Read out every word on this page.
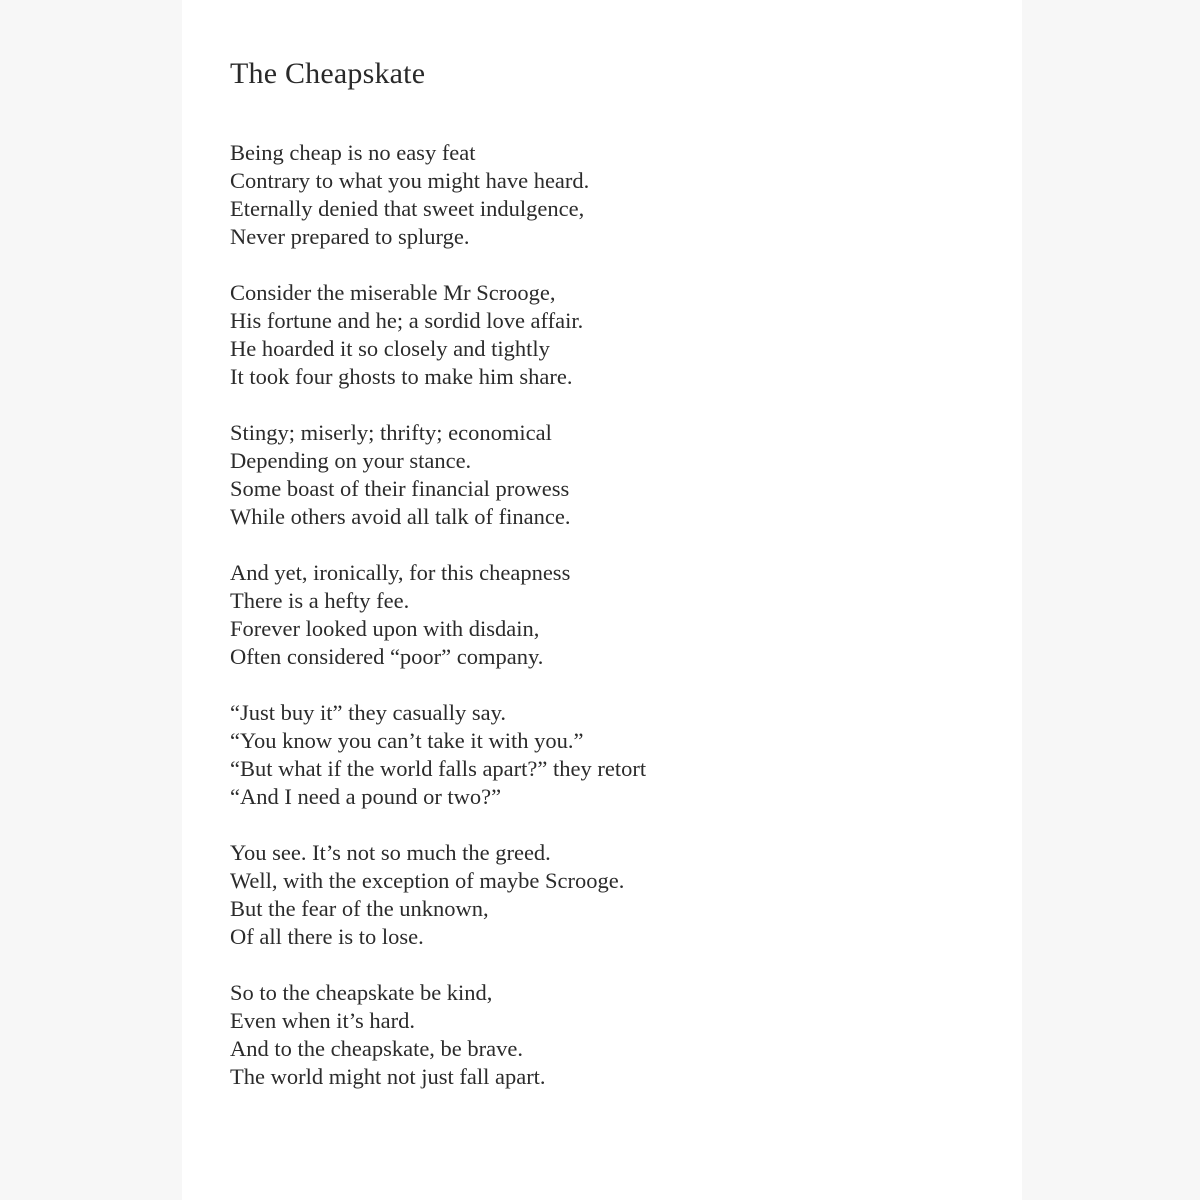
The Cheapskate
Being cheap is no easy feat
Contrary to what you might have heard.
Eternally denied that sweet indulgence,
Never prepared to splurge.
Consider the miserable Mr Scrooge,
His fortune and he; a sordid love affair.
He hoarded it so closely and tightly
It took four ghosts to make him share.
Stingy; miserly; thrifty; economical
Depending on your stance.
Some boast of their financial prowess
While others avoid all talk of finance.
And yet, ironically, for this cheapness
There is a hefty fee.
Forever looked upon with disdain,
Often considered “poor” company.
“Just buy it” they casually say.
“You know you can’t take it with you.”
“But what if the world falls apart?” they retort
“And I need a pound or two?”
You see. It’s not so much the greed.
Well, with the exception of maybe Scrooge.
But the fear of the unknown,
Of all there is to lose.
So to the cheapskate be kind,
Even when it’s hard.
And to the cheapskate, be brave.
The world might not just fall apart.
